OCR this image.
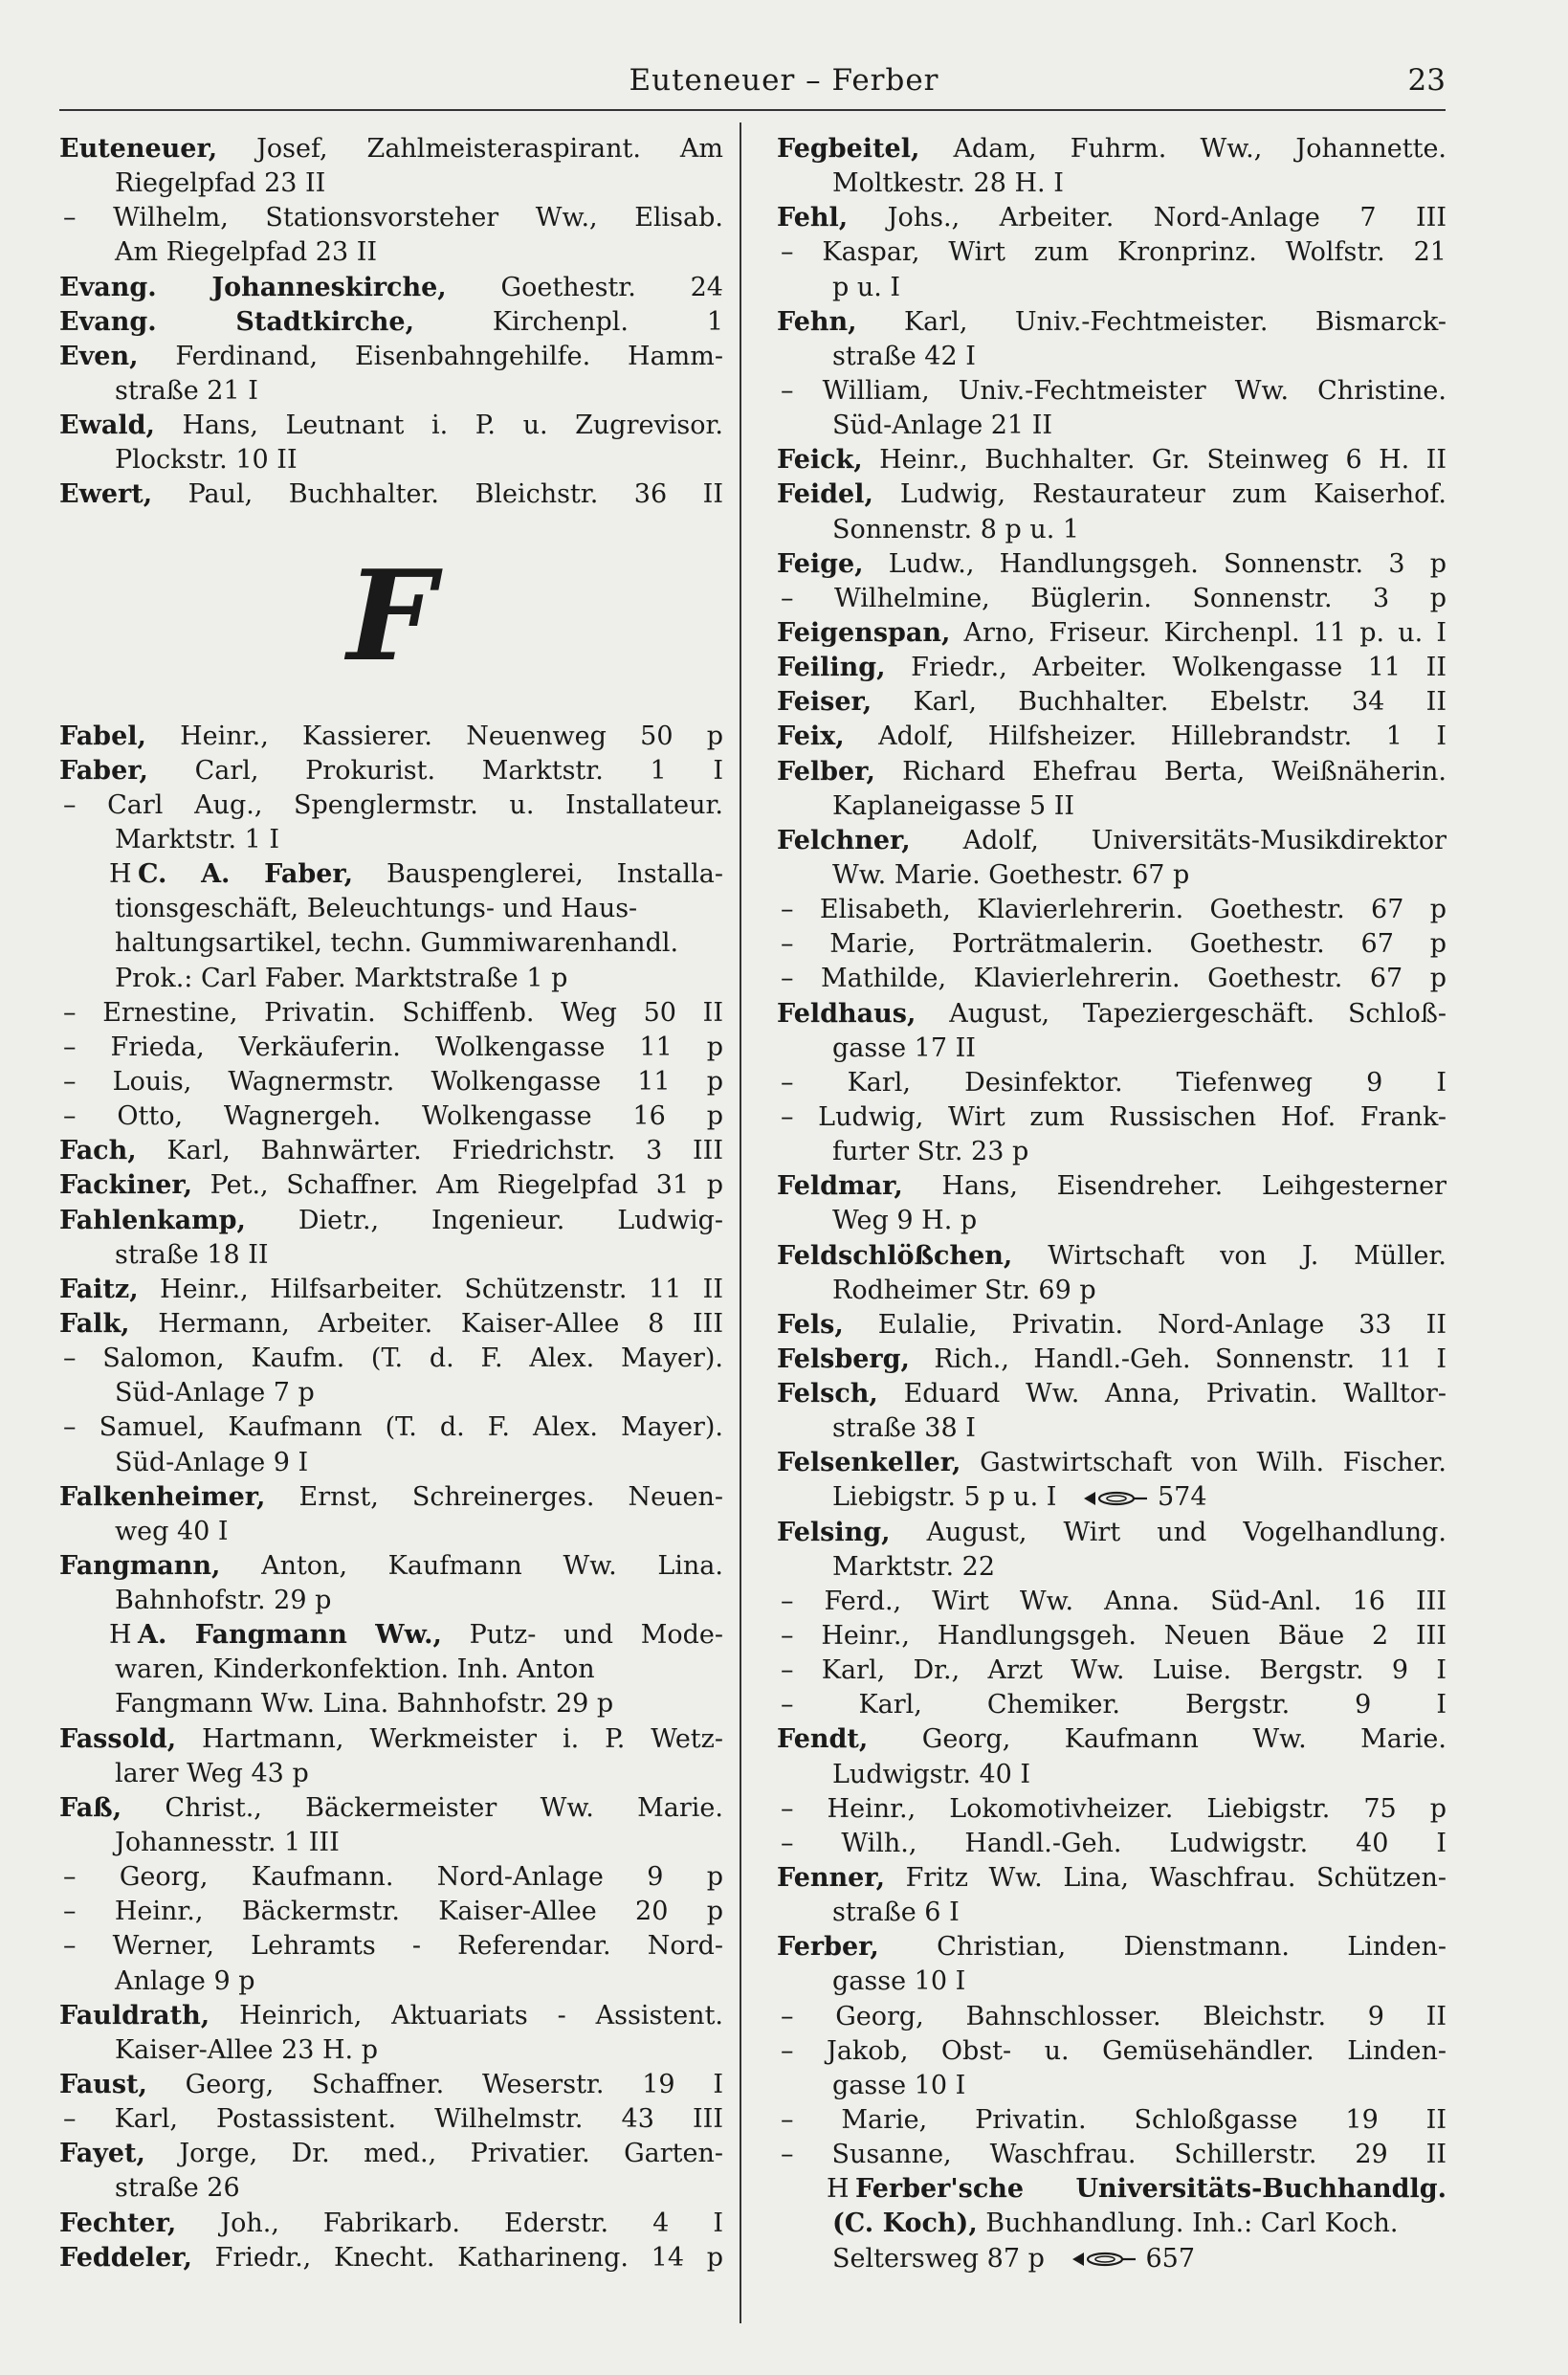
Euteneuer – Ferber	23
Euteneuer, Josef, Zahlmeisteraspirant. Am
Riegelpfad 23 II
– Wilhelm, Stationsvorsteher Ww., Elisab.
Am Riegelpfad 23 II
Evang. Johanneskirche, Goethestr. 24
Evang. Stadtkirche, Kirchenpl. 1
Even, Ferdinand, Eisenbahngehilfe. Hamm-
straße 21 I
Ewald, Hans, Leutnant i. P. u. Zugrevisor.
Plockstr. 10 II
Ewert, Paul, Buchhalter. Bleichstr. 36 II
F
Fabel, Heinr., Kassierer. Neuenweg 50 p
Faber, Carl, Prokurist. Marktstr. 1 I
– Carl Aug., Spenglermstr. u. Installateur.
Marktstr. 1 I
H C. A. Faber, Bauspenglerei, Installa-
tionsgeschäft, Beleuchtungs- und Haus-
haltungsartikel, techn. Gummiwarenhandl.
Prok.: Carl Faber. Marktstraße 1 p
– Ernestine, Privatin. Schiffenb. Weg 50 II
– Frieda, Verkäuferin. Wolkengasse 11 p
– Louis, Wagnermstr. Wolkengasse 11 p
– Otto, Wagnergeh. Wolkengasse 16 p
Fach, Karl, Bahnwärter. Friedrichstr. 3 III
Fackiner, Pet., Schaffner. Am Riegelpfad 31 p
Fahlenkamp, Dietr., Ingenieur. Ludwig-
straße 18 II
Faitz, Heinr., Hilfsarbeiter. Schützenstr. 11 II
Falk, Hermann, Arbeiter. Kaiser-Allee 8 III
– Salomon, Kaufm. (T. d. F. Alex. Mayer).
Süd-Anlage 7 p
– Samuel, Kaufmann (T. d. F. Alex. Mayer).
Süd-Anlage 9 I
Falkenheimer, Ernst, Schreinerges. Neuen-
weg 40 I
Fangmann, Anton, Kaufmann Ww. Lina.
Bahnhofstr. 29 p
H A. Fangmann Ww., Putz- und Mode-
waren, Kinderkonfektion. Inh. Anton
Fangmann Ww. Lina. Bahnhofstr. 29 p
Fassold, Hartmann, Werkmeister i. P. Wetz-
larer Weg 43 p
Faß, Christ., Bäckermeister Ww. Marie.
Johannesstr. 1 III
– Georg, Kaufmann. Nord-Anlage 9 p
– Heinr., Bäckermstr. Kaiser-Allee 20 p
– Werner, Lehramts - Referendar. Nord-
Anlage 9 p
Fauldrath, Heinrich, Aktuariats - Assistent.
Kaiser-Allee 23 H. p
Faust, Georg, Schaffner. Weserstr. 19 I
– Karl, Postassistent. Wilhelmstr. 43 III
Fayet, Jorge, Dr. med., Privatier. Garten-
straße 26
Fechter, Joh., Fabrikarb. Ederstr. 4 I
Feddeler, Friedr., Knecht. Katharineng. 14 p
Fegbeitel, Adam, Fuhrm. Ww., Johannette.
Moltkestr. 28 H. I
Fehl, Johs., Arbeiter. Nord-Anlage 7 III
– Kaspar, Wirt zum Kronprinz. Wolfstr. 21
p u. I
Fehn, Karl, Univ.-Fechtmeister. Bismarck-
straße 42 I
– William, Univ.-Fechtmeister Ww. Christine.
Süd-Anlage 21 II
Feick, Heinr., Buchhalter. Gr. Steinweg 6 H. II
Feidel, Ludwig, Restaurateur zum Kaiserhof.
Sonnenstr. 8 p u. 1
Feige, Ludw., Handlungsgeh. Sonnenstr. 3 p
– Wilhelmine, Büglerin. Sonnenstr. 3 p
Feigenspan, Arno, Friseur. Kirchenpl. 11 p. u. I
Feiling, Friedr., Arbeiter. Wolkengasse 11 II
Feiser, Karl, Buchhalter. Ebelstr. 34 II
Feix, Adolf, Hilfsheizer. Hillebrandstr. 1 I
Felber, Richard Ehefrau Berta, Weißnäherin.
Kaplaneigasse 5 II
Felchner, Adolf, Universitäts-Musikdirektor
Ww. Marie. Goethestr. 67 p
– Elisabeth, Klavierlehrerin. Goethestr. 67 p
– Marie, Porträtmalerin. Goethestr. 67 p
– Mathilde, Klavierlehrerin. Goethestr. 67 p
Feldhaus, August, Tapeziergeschäft. Schloß-
gasse 17 II
– Karl, Desinfektor. Tiefenweg 9 I
– Ludwig, Wirt zum Russischen Hof. Frank-
furter Str. 23 p
Feldmar, Hans, Eisendreher. Leihgesterner
Weg 9 H. p
Feldschlößchen, Wirtschaft von J. Müller.
Rodheimer Str. 69 p
Fels, Eulalie, Privatin. Nord-Anlage 33 II
Felsberg, Rich., Handl.-Geh. Sonnenstr. 11 I
Felsch, Eduard Ww. Anna, Privatin. Walltor-
straße 38 I
Felsenkeller, Gastwirtschaft von Wilh. Fischer.
Liebigstr. 5 p u. I 	574
Felsing, August, Wirt und Vogelhandlung.
Marktstr. 22
– Ferd., Wirt Ww. Anna. Süd-Anl. 16 III
– Heinr., Handlungsgeh. Neuen Bäue 2 III
– Karl, Dr., Arzt Ww. Luise. Bergstr. 9 I
– Karl, Chemiker. Bergstr. 9 I
Fendt, Georg, Kaufmann Ww. Marie.
Ludwigstr. 40 I
– Heinr., Lokomotivheizer. Liebigstr. 75 p
– Wilh., Handl.-Geh. Ludwigstr. 40 I
Fenner, Fritz Ww. Lina, Waschfrau. Schützen-
straße 6 I
Ferber, Christian, Dienstmann. Linden-
gasse 10 I
– Georg, Bahnschlosser. Bleichstr. 9 II
– Jakob, Obst- u. Gemüsehändler. Linden-
gasse 10 I
– Marie, Privatin. Schloßgasse 19 II
– Susanne, Waschfrau. Schillerstr. 29 II
H Ferber'sche Universitäts-Buchhandlg.
(C. Koch), Buchhandlung. Inh.: Carl Koch.
Seltersweg 87 p 	657
